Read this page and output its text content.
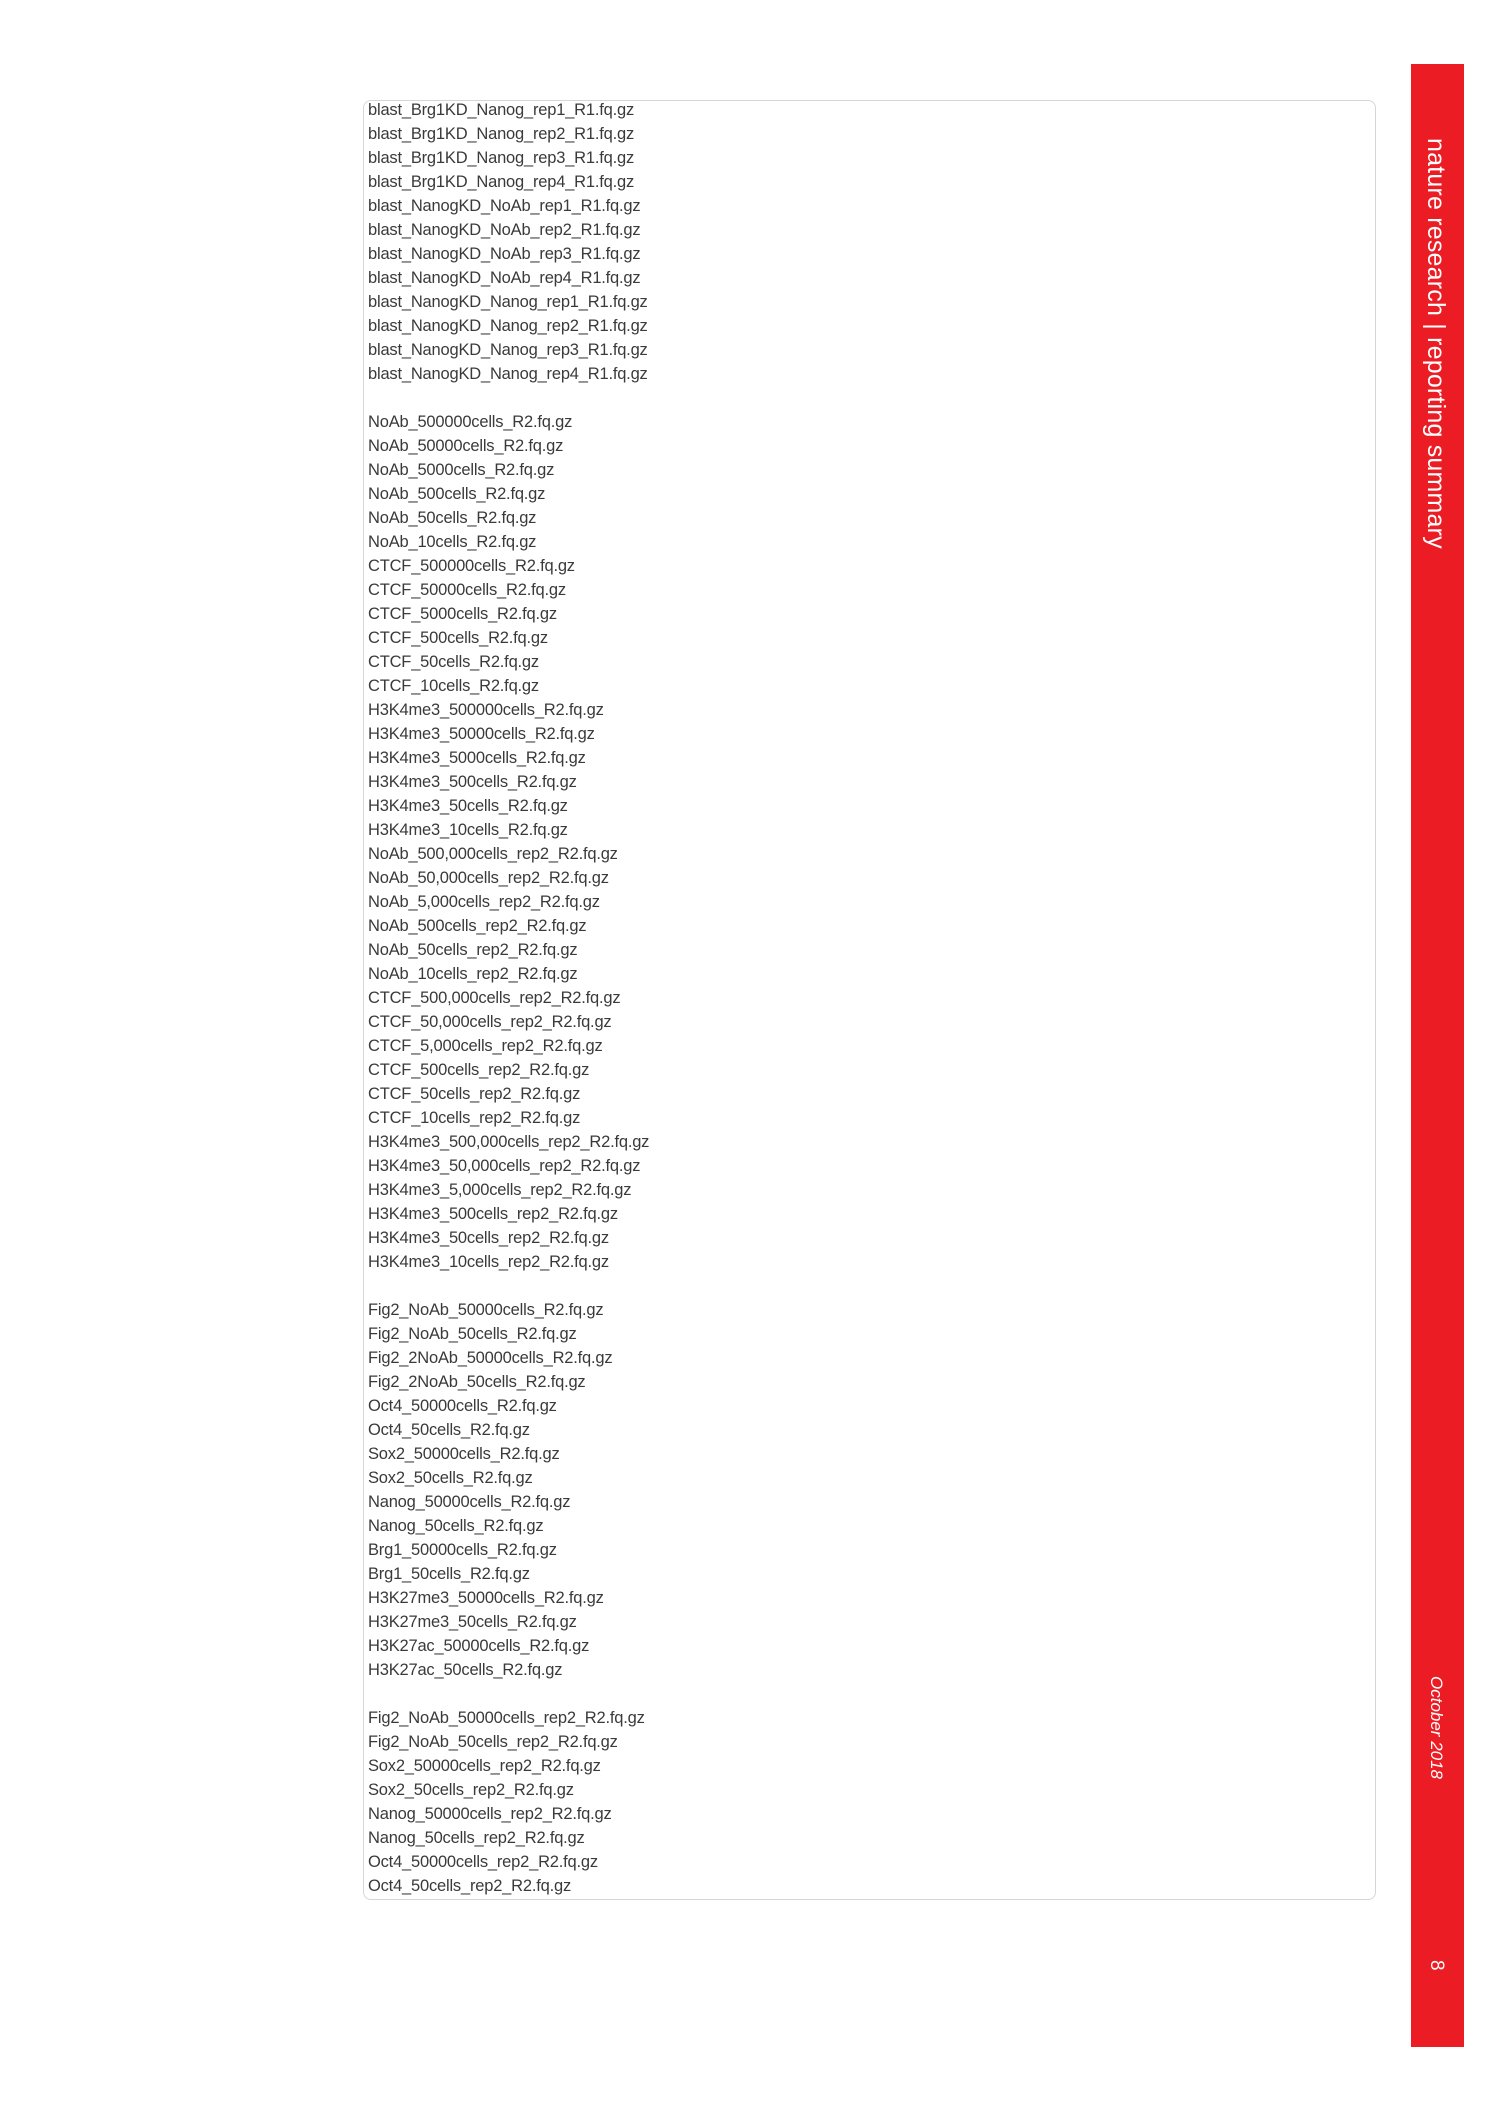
blast_Brg1KD_Nanog_rep1_R1.fq.gz
blast_Brg1KD_Nanog_rep2_R1.fq.gz
blast_Brg1KD_Nanog_rep3_R1.fq.gz
blast_Brg1KD_Nanog_rep4_R1.fq.gz
blast_NanogKD_NoAb_rep1_R1.fq.gz
blast_NanogKD_NoAb_rep2_R1.fq.gz
blast_NanogKD_NoAb_rep3_R1.fq.gz
blast_NanogKD_NoAb_rep4_R1.fq.gz
blast_NanogKD_Nanog_rep1_R1.fq.gz
blast_NanogKD_Nanog_rep2_R1.fq.gz
blast_NanogKD_Nanog_rep3_R1.fq.gz
blast_NanogKD_Nanog_rep4_R1.fq.gz
NoAb_500000cells_R2.fq.gz
NoAb_50000cells_R2.fq.gz
NoAb_5000cells_R2.fq.gz
NoAb_500cells_R2.fq.gz
NoAb_50cells_R2.fq.gz
NoAb_10cells_R2.fq.gz
CTCF_500000cells_R2.fq.gz
CTCF_50000cells_R2.fq.gz
CTCF_5000cells_R2.fq.gz
CTCF_500cells_R2.fq.gz
CTCF_50cells_R2.fq.gz
CTCF_10cells_R2.fq.gz
H3K4me3_500000cells_R2.fq.gz
H3K4me3_50000cells_R2.fq.gz
H3K4me3_5000cells_R2.fq.gz
H3K4me3_500cells_R2.fq.gz
H3K4me3_50cells_R2.fq.gz
H3K4me3_10cells_R2.fq.gz
NoAb_500,000cells_rep2_R2.fq.gz
NoAb_50,000cells_rep2_R2.fq.gz
NoAb_5,000cells_rep2_R2.fq.gz
NoAb_500cells_rep2_R2.fq.gz
NoAb_50cells_rep2_R2.fq.gz
NoAb_10cells_rep2_R2.fq.gz
CTCF_500,000cells_rep2_R2.fq.gz
CTCF_50,000cells_rep2_R2.fq.gz
CTCF_5,000cells_rep2_R2.fq.gz
CTCF_500cells_rep2_R2.fq.gz
CTCF_50cells_rep2_R2.fq.gz
CTCF_10cells_rep2_R2.fq.gz
H3K4me3_500,000cells_rep2_R2.fq.gz
H3K4me3_50,000cells_rep2_R2.fq.gz
H3K4me3_5,000cells_rep2_R2.fq.gz
H3K4me3_500cells_rep2_R2.fq.gz
H3K4me3_50cells_rep2_R2.fq.gz
H3K4me3_10cells_rep2_R2.fq.gz
Fig2_NoAb_50000cells_R2.fq.gz
Fig2_NoAb_50cells_R2.fq.gz
Fig2_2NoAb_50000cells_R2.fq.gz
Fig2_2NoAb_50cells_R2.fq.gz
Oct4_50000cells_R2.fq.gz
Oct4_50cells_R2.fq.gz
Sox2_50000cells_R2.fq.gz
Sox2_50cells_R2.fq.gz
Nanog_50000cells_R2.fq.gz
Nanog_50cells_R2.fq.gz
Brg1_50000cells_R2.fq.gz
Brg1_50cells_R2.fq.gz
H3K27me3_50000cells_R2.fq.gz
H3K27me3_50cells_R2.fq.gz
H3K27ac_50000cells_R2.fq.gz
H3K27ac_50cells_R2.fq.gz
Fig2_NoAb_50000cells_rep2_R2.fq.gz
Fig2_NoAb_50cells_rep2_R2.fq.gz
Sox2_50000cells_rep2_R2.fq.gz
Sox2_50cells_rep2_R2.fq.gz
Nanog_50000cells_rep2_R2.fq.gz
Nanog_50cells_rep2_R2.fq.gz
Oct4_50000cells_rep2_R2.fq.gz
Oct4_50cells_rep2_R2.fq.gz
nature research | reporting summary
October 2018
8
